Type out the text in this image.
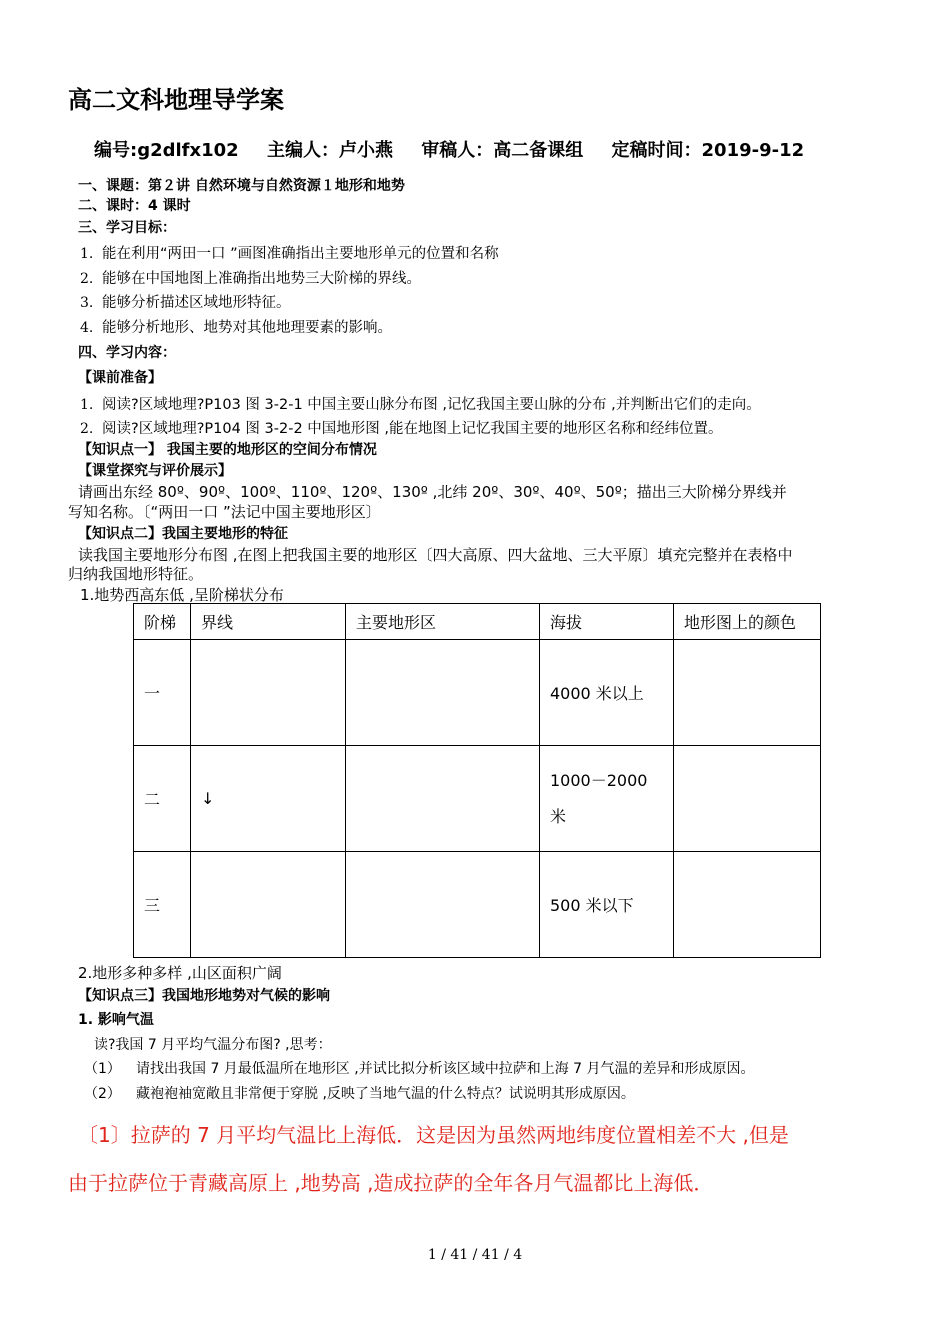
高二文科地理导学案
编号:g2dlfx102 主编人：卢小燕 审稿人：高二备课组 定稿时间：2019-9-12
一、课题：第２讲 自然环境与自然资源１地形和地势
二、课时：4 课时
三、学习目标：
1. 能在利用“两田一口 ”画图准确指出主要地形单元的位置和名称
2. 能够在中国地图上准确指出地势三大阶梯的界线。
3. 能够分析描述区域地形特征。
4. 能够分析地形、地势对其他地理要素的影响。
四、学习内容：
【课前准备】
1. 阅读?区域地理?P103 图 3-2-1 中国主要山脉分布图 ,记忆我国主要山脉的分布 ,并判断出它们的走向。
2. 阅读?区域地理?P104 图 3-2-2 中国地形图 ,能在地图上记忆我国主要的地形区名称和经纬位置。
【知识点一】 我国主要的地形区的空间分布情况
【课堂探究与评价展示】
请画出东经 80º、90º、100º、110º、120º、130º ,北纬 20º、30º、40º、50º；描出三大阶梯分界线并
写知名称。〔“两田一口 ”法记中国主要地形区〕
【知识点二】我国主要地形的特征
读我国主要地形分布图 ,在图上把我国主要的地形区〔四大高原、四大盆地、三大平原〕填充完整并在表格中
归纳我国地形特征。
1.地势西高东低 ,呈阶梯状分布
阶梯	界线	主要地形区	海拔	地形图上的颜色
一			4000 米以上	

二	↓		1000－2000
米	

三			500 米以下	

2.地形多种多样 ,山区面积广阔
【知识点三】我国地形地势对气候的影响
1. 影响气温
读?我国 7 月平均气温分布图? ,思考：
（1） 请找出我国 7 月最低温所在地形区 ,并试比拟分析该区域中拉萨和上海 7 月气温的差异和形成原因。
（2） 藏袍袍袖宽敞且非常便于穿脱 ,反映了当地气温的什么特点？试说明其形成原因。
〔1〕拉萨的 7 月平均气温比上海低．这是因为虽然两地纬度位置相差不大 ,但是
由于拉萨位于青藏高原上 ,地势高 ,造成拉萨的全年各月气温都比上海低．
1 / 41 / 41 / 4
